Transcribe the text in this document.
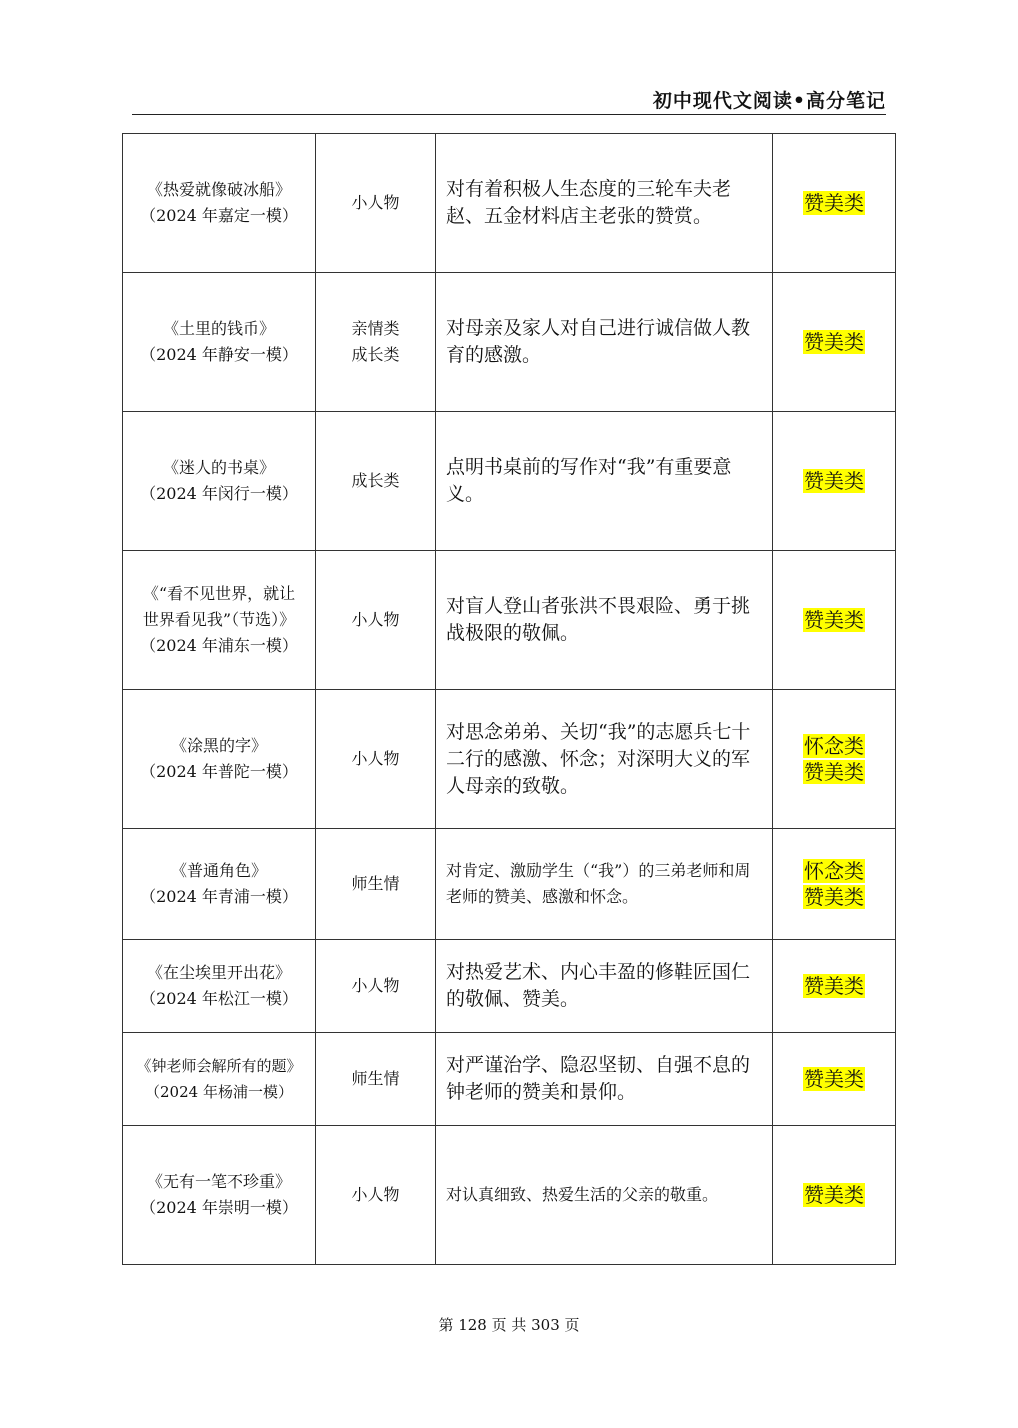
初中现代文阅读•高分笔记
《热爱就像破冰船》
（2024 年嘉定一模）	小人物	对有着积极人生态度的三轮车夫老赵、五金材料店主老张的赞赏。	赞美类

《土里的钱币》
（2024 年静安一模）	亲情类
成长类	对母亲及家人对自己进行诚信做人教育的感激。	赞美类

《迷人的书桌》
（2024 年闵行一模）	成长类	点明书桌前的写作对“我”有重要意义。	赞美类

《“看不见世界，就让
世界看见我”（节选）》
（2024 年浦东一模）	小人物	对盲人登山者张洪不畏艰险、勇于挑战极限的敬佩。	赞美类

《涂黑的字》
（2024 年普陀一模）	小人物	对思念弟弟、关切“我”的志愿兵七十二行的感激、怀念；对深明大义的军人母亲的致敬。	怀念类
赞美类

《普通角色》
（2024 年青浦一模）	师生情	对肯定、激励学生（“我”）的三弟老师和周老师的赞美、感激和怀念。	怀念类
赞美类

《在尘埃里开出花》
（2024 年松江一模）	小人物	对热爱艺术、内心丰盈的修鞋匠国仁的敬佩、赞美。	赞美类

《钟老师会解所有的题》
（2024 年杨浦一模）	师生情	对严谨治学、隐忍坚韧、自强不息的钟老师的赞美和景仰。	赞美类

《无有一笔不珍重》
（2024 年崇明一模）	小人物	对认真细致、热爱生活的父亲的敬重。	赞美类
第 128 页 共 303 页
